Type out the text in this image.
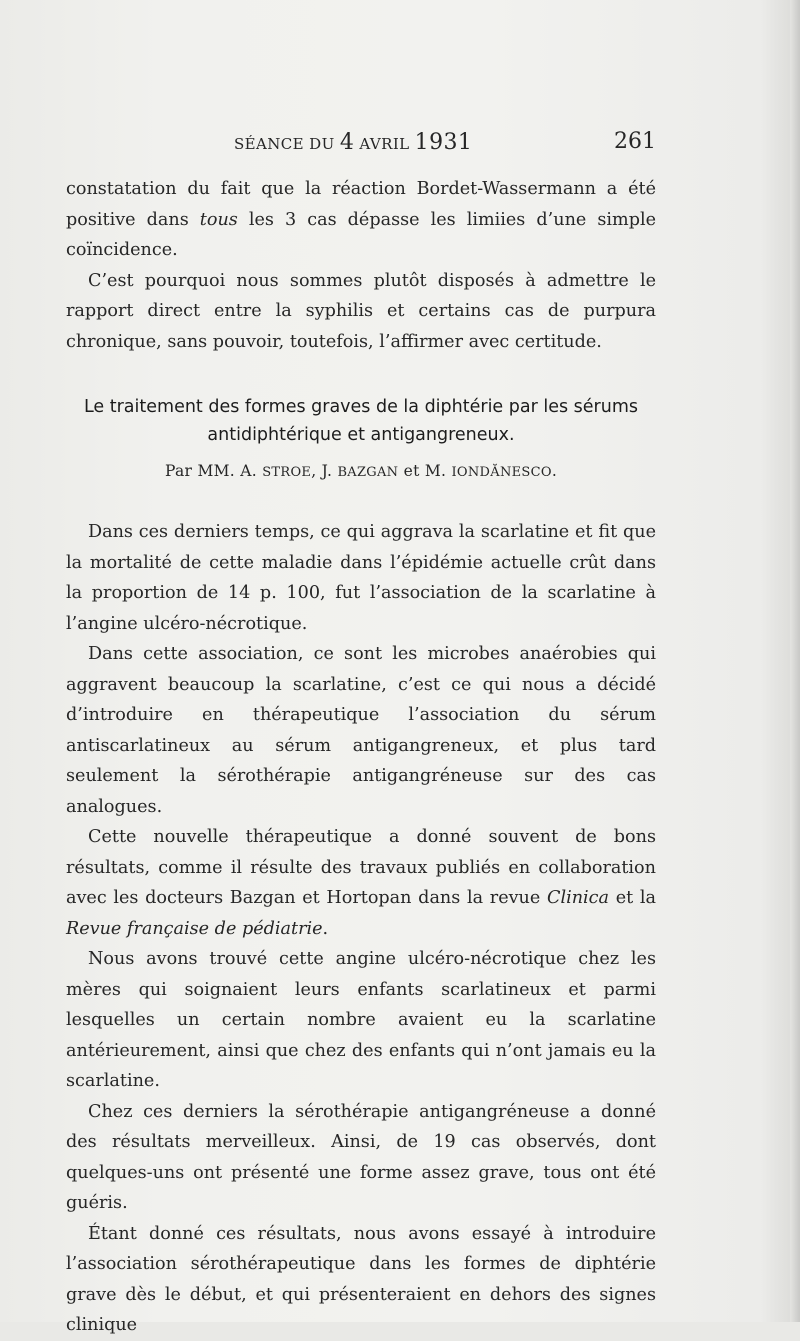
SÉANCE DU 4 AVRIL 1931	261

constatation du fait que la réaction Bordet-Wassermann a été positive dans tous les 3 cas dépasse les limiies d’une simple coïncidence.

C’est pourquoi nous sommes plutôt disposés à admettre le rapport direct entre la syphilis et certains cas de purpura chronique, sans pouvoir, toutefois, l’affirmer avec certitude.

Le traitement des formes graves de la diphtérie par les sérums
antidiphtérique et antigangreneux.
Par MM. A. STROE, J. BAZGAN et M. IONDĂNESCO.

Dans ces derniers temps, ce qui aggrava la scarlatine et fit que la mortalité de cette maladie dans l’épidémie actuelle crût dans la proportion de 14 p. 100, fut l’association de la scarlatine à l’angine ulcéro-nécrotique.

Dans cette association, ce sont les microbes anaérobies qui aggravent beaucoup la scarlatine, c’est ce qui nous a décidé d’introduire en thérapeutique l’association du sérum antiscarlatineux au sérum antigangreneux, et plus tard seulement la sérothérapie antigangréneuse sur des cas analogues.

Cette nouvelle thérapeutique a donné souvent de bons résultats, comme il résulte des travaux publiés en collaboration avec les docteurs Bazgan et Hortopan dans la revue Clinica et la Revue française de pédiatrie.

Nous avons trouvé cette angine ulcéro-nécrotique chez les mères qui soignaient leurs enfants scarlatineux et parmi lesquelles un certain nombre avaient eu la scarlatine antérieurement, ainsi que chez des enfants qui n’ont jamais eu la scarlatine.

Chez ces derniers la sérothérapie antigangréneuse a donné des résultats merveilleux. Ainsi, de 19 cas observés, dont quelques-uns ont présenté une forme assez grave, tous ont été guéris.

Étant donné ces résultats, nous avons essayé à introduire l’association sérothérapeutique dans les formes de diphtérie grave dès le début, et qui présenteraient en dehors des signes clinique
